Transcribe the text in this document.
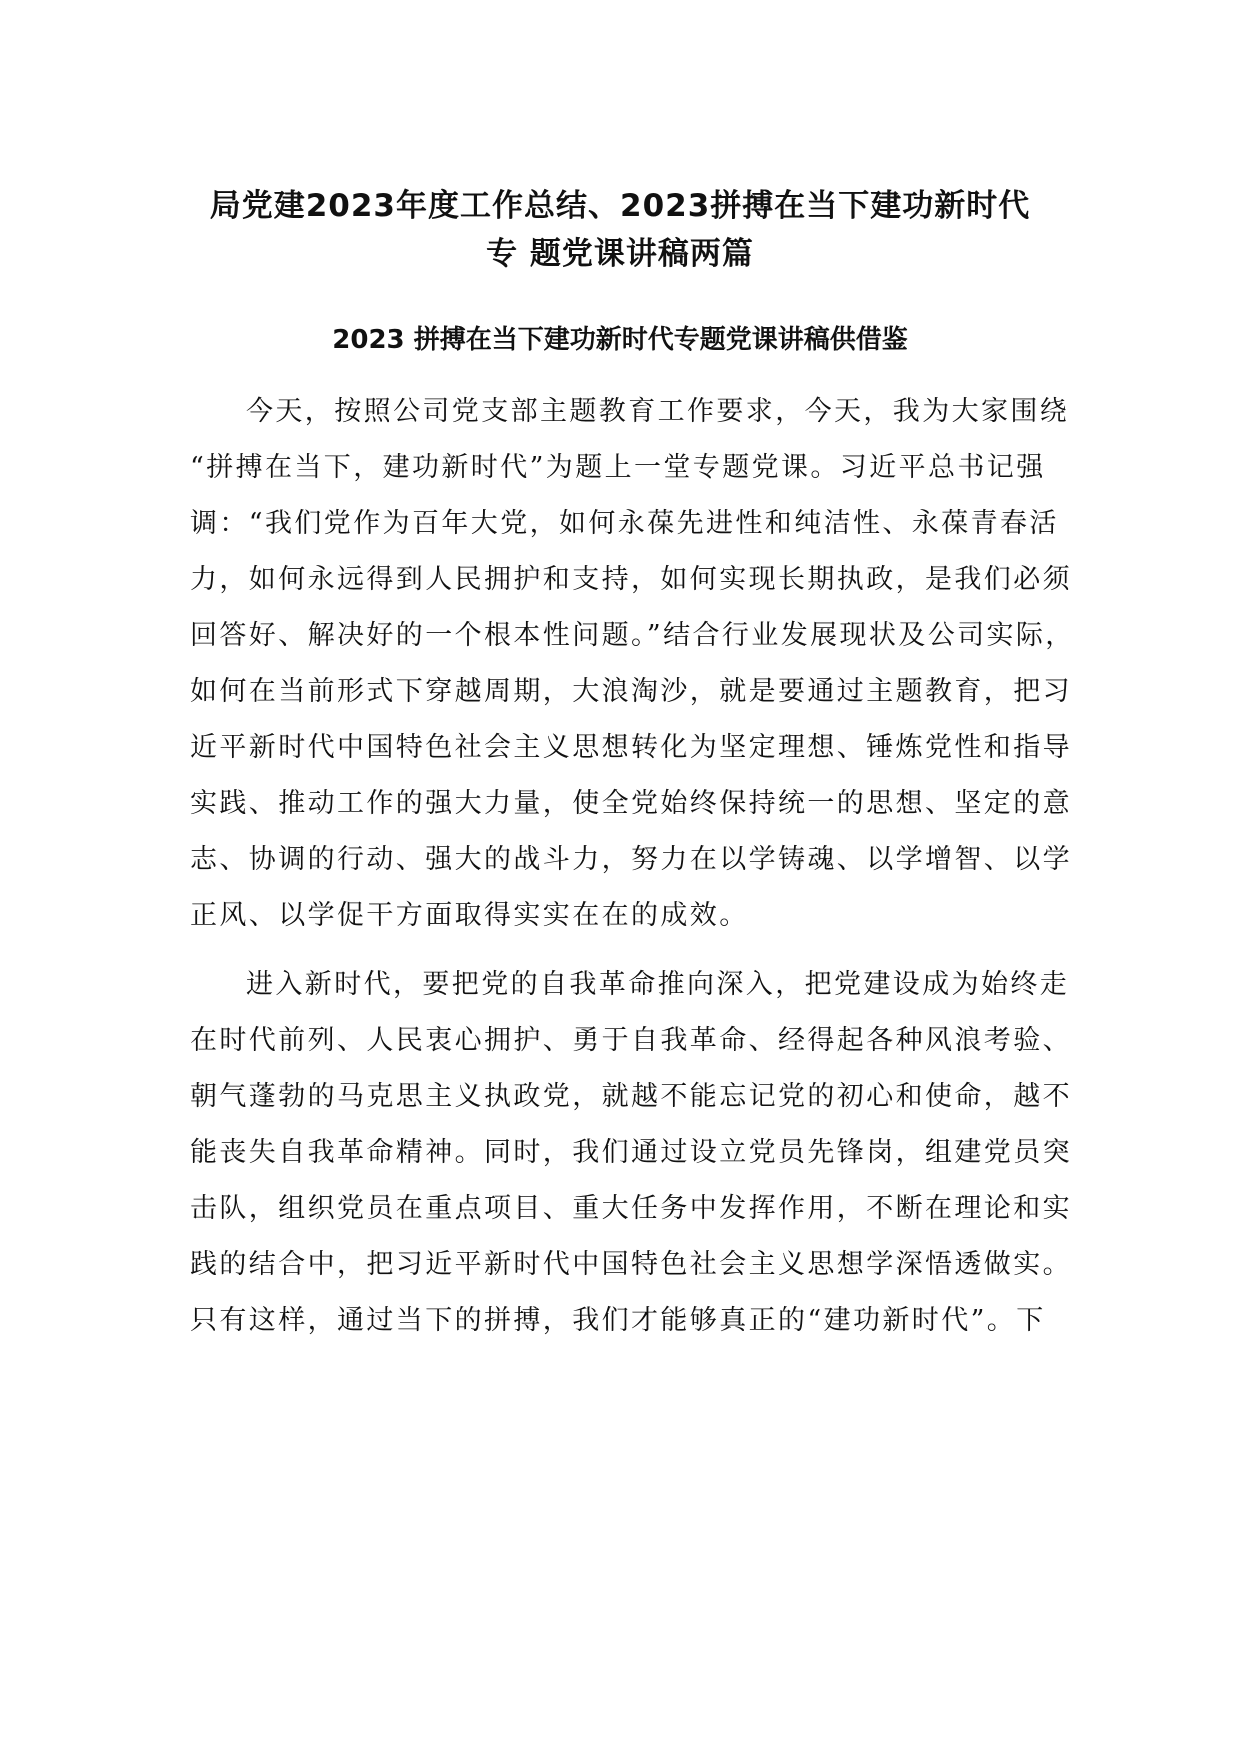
局党建2023年度工作总结、2023拼搏在当下建功新时代
专 题党课讲稿两篇
2023 拼搏在当下建功新时代专题党课讲稿供借鉴
今天，按照公司党支部主题教育工作要求，今天，我为大家围绕
“拼搏在当下，建功新时代”为题上一堂专题党课。习近平总书记强
调：“我们党作为百年大党，如何永葆先进性和纯洁性、永葆青春活
力，如何永远得到人民拥护和支持，如何实现长期执政，是我们必须
回答好、解决好的一个根本性问题。”结合行业发展现状及公司实际，
如何在当前形式下穿越周期，大浪淘沙，就是要通过主题教育，把习
近平新时代中国特色社会主义思想转化为坚定理想、锤炼党性和指导
实践、推动工作的强大力量，使全党始终保持统一的思想、坚定的意
志、协调的行动、强大的战斗力，努力在以学铸魂、以学增智、以学
正风、以学促干方面取得实实在在的成效。
进入新时代，要把党的自我革命推向深入，把党建设成为始终走
在时代前列、人民衷心拥护、勇于自我革命、经得起各种风浪考验、
朝气蓬勃的马克思主义执政党，就越不能忘记党的初心和使命，越不
能丧失自我革命精神。同时，我们通过设立党员先锋岗，组建党员突
击队，组织党员在重点项目、重大任务中发挥作用，不断在理论和实
践的结合中，把习近平新时代中国特色社会主义思想学深悟透做实。
只有这样，通过当下的拼搏，我们才能够真正的“建功新时代”。下
